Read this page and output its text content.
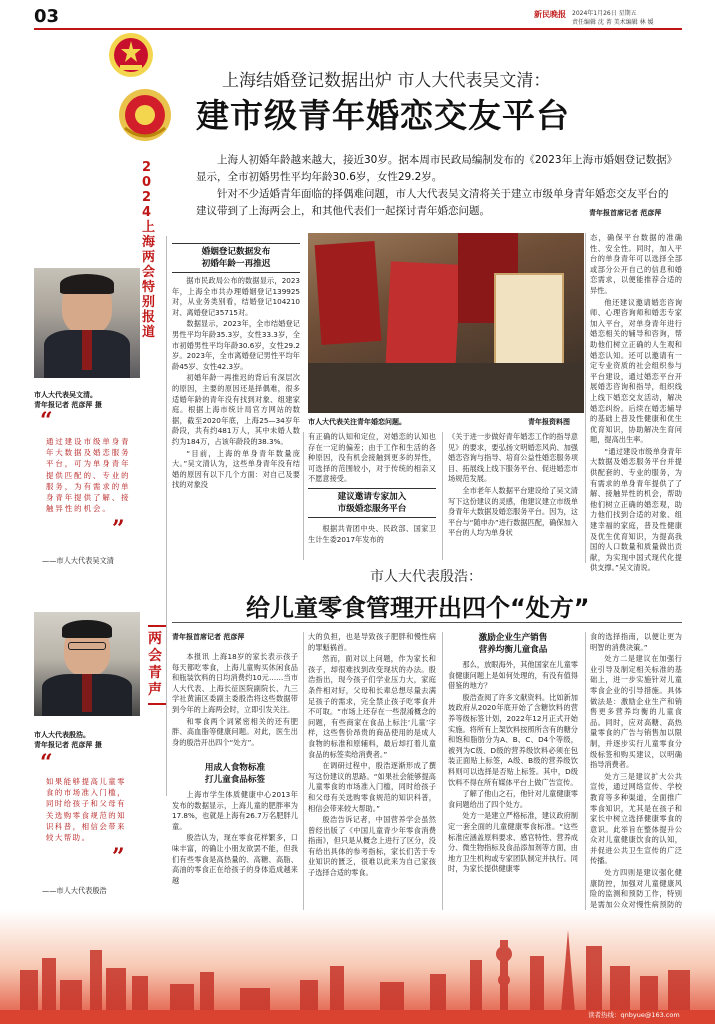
03	新民晚报 2024年1月26日 星期五
责任编辑 沈 菁 美术编辑 林 媛
2024上海两会特别报道
两会青声
上海结婚登记数据出炉 市人大代表吴文清：
建市级青年婚恋交友平台

上海人初婚年龄越来越大，接近30岁。据本周市民政局编制发布的《2023年上海市婚姻登记数据》显示，全市初婚男性平均年龄30.6岁，女性29.2岁。

针对不少适婚青年面临的择偶难问题，市人大代表吴文清将关于建立市级单身青年婚恋交友平台的建议带到了上海两会上，和其他代表们一起探讨青年婚恋问题。	青年报首席记者 范彦萍

市人大代表吴文清。
青年报记者 范彦萍 摄

“
通过建设市级单身青年大数据及婚恋服务平台，可为单身青年提供匹配的、专业的服务，为有需求的单身青年提供了解、接触异性的机会。
”
——市人大代表吴文清
婚姻登记数据发布
初婚年龄一再推迟

据市民政局公布的数据显示，2023年，上海全市共办理婚姻登记139925对，从业务类别看，结婚登记104210对、离婚登记35715对。

数据显示，2023年，全市结婚登记男性平均年龄35.3岁，女性33.3岁，全市初婚男性平均年龄30.6岁，女性29.2岁。2023年，全市离婚登记男性平均年龄45岁、女性42.3岁。

初婚年龄一再推迟的背后有深层次的原因，主要的原因还是择偶难，很多适婚年龄的青年没有找到对象、组建家庭。根据上海市统计局官方网站的数据，截至2020年底，上海25—34岁年龄段，共有约481万人，其中未婚人数约为184万，占该年龄段的38.3%。

“目前，上海的单身青年数量庞大。”吴文清认为，这些单身青年没有结婚的原因有以下几个方面：对自己及要找的对象没

市人大代表关注青年婚恋问题。	青年报资料图

有正确的认知和定位，对婚恋的认知也存在一定的偏差；由于工作和生活的各种原因，没有机会接触到更多的异性，可选择的范围较小，对于传统的相亲又不愿意接受。

建议邀请专家加入
市级婚恋服务平台

根据共青团中央、民政部、国家卫生计生委2017年发布的

《关于进一步做好青年婚恋工作的指导意见》的要求，要弘扬文明婚恋风尚、加强婚恋咨询与指导、培育公益性婚恋服务项目、拓展线上线下服务平台、促进婚恋市场规范发展。

全市老年人数据平台建设给了吴文清写下这份建议的灵感，他建议建立市级单身青年大数据及婚恋服务平台。因为，这平台与“随申办”进行数据匹配，确保加入平台的人均为单身状

态，确保平台数据的准确性、安全性。同时，加入平台的单身青年可以选择全部或部分公开自己的信息和婚恋需求，以便能推荐合适的异性。

他还建议邀请婚恋咨询师、心理咨询师和婚恋专家加入平台，对单身青年进行婚恋相关的辅导和咨询，帮助他们树立正确的人生观和婚恋认知。还可以邀请有一定专业资质的社会组织参与平台建设，通过婚恋平台开展婚恋咨询和指导，组织线上线下婚恋交友活动，解决婚恋纠纷。后续在婚恋辅导的基础上普及性健康和优生优育知识，协助解决生育问题，提高出生率。

“通过建设市级单身青年大数据及婚恋服务平台并提供配套的、专业的服务，为有需求的单身青年提供了了解、接触异性的机会，帮助他们树立正确的婚恋观，助力他们找到合适的对象、组建幸福的家庭，普及性健康及优生优育知识，为提高我国的人口数量和质量做出贡献，为实现中国式现代化提供支撑。”吴文清说。

市人大代表殷浩：
给儿童零食管理开出四个“处方”

市人大代表殷浩。
青年报记者 范彦萍 摄

“
如果能够提高儿童零食的市场准入门槛，同时给孩子和父母有关选购零食规范的知识科普，相信会带来较大帮助。
”
——市人大代表殷浩
青年报首席记者 范彦萍

本报讯 上海18岁的家长表示孩子每天都吃零食，上海儿童购买休闲食品和瓶装饮料的日均消费约10元……当市人大代表、上海长征医院副院长、九三学社黄浦区委副主委殷浩将这些数据带到今年的上海两会时，立即引发关注。

和零食两个词紧密相关的还有肥胖、高血脂等健康问题。对此，医生出身的殷浩开出四个“处方”。

用成人食物标准
打儿童食品标签

上海市学生体质健康中心2013年发布的数据显示，上海儿童的肥胖率为17.8%，也就是上海有26.7万名肥胖儿童。

殷浩认为，现在零食花样繁多，口味丰富，的确让小朋友欲罢不能，但我们有些零食是高热量的、高糖、高脂、高油的零食正在给孩子的身体造成越来越

大的负担，也是导致孩子肥胖和慢性病的罪魁祸首。

然而，面对以上问题，作为家长和孩子，却很难找到改变现状的办法。殷浩指出，现今孩子们学业压力大，家庭条件相对好，父母和长辈总想尽量去满足孩子的需求，完全禁止孩子吃零食并不可取。“市场上还存在一些混淆概念的问题，有些商家在食品上标注‘儿童’字样，这些售价昂贵的商品使用的是成人食物的标准和原辅料，最后却打着儿童食品的标签卖给消费者。”

在调研过程中，殷浩逐渐形成了撰写这份建议的思路。“如果社会能够提高儿童零食的市场准入门槛，同时给孩子和父母有关选购零食规范的知识科普，相信会带来较大帮助。”

殷浩告诉记者，中国营养学会虽然曾经出版了《中国儿童青少年零食消费指南》，但只是从概念上进行了区分，没有给出具体的参考指标，家长们苦于专业知识的匮乏，很难以此来为自己家孩子选择合适的零食。

激励企业生产销售
营养均衡儿童食品

那么，放眼海外，其他国家在儿童零食健康问题上是如何处理的，有没有值得借鉴的地方？

殷浩查阅了许多文献资料。比如新加坡政府从2020年底开始了含糖饮料的营养等级标签计划，2022年12月正式开始实施。将所有上架饮料按照所含有的糖分和饱和脂肪分为A、B、C、D4个等级，被列为C级、D级的营养级饮料必须在包装正面贴上标签，A级、B级的营养级饮料则可以选择是否贴上标签。其中，D级饮料不得在所有媒体平台上做广告宣传。

了解了他山之石，他针对儿童健康零食问题给出了四个处方。

处方一是建立严格标准，建议政府制定一套全面的儿童健康零食标准。“这些标准应涵盖原料要求、感官特性、营养成分、微生物指标及食品添加剂等方面，由地方卫生机构或专家团队制定并执行。同时，为家长提供健康零

食的选择指南，以便让更为明智的消费决策。”

处方二是建议在加强行业引导及制定相关标准的基础上，进一步实施针对儿童零食企业的引导措施。具体做法是：激励企业生产和销售更多营养均衡的儿童食品。同时，应对高糖、高热量零食的广告与销售加以限制，并逐步实行儿童零食分级标签和购买建议，以明确指导消费者。

处方三是建议扩大公共宣传，通过网络宣传、学校教育等多种渠道，全面推广零食知识，尤其是在孩子和家长中树立选择健康零食的意识。此举旨在整体提升公众对儿童健康饮食的认知，并促进公共卫生宣传的广泛传播。

处方四则是建议强化健康防控，加强对儿童健康风险的监测和预防工作，特别是需加公众对慢性病预防的

读者热线：qnbyue@163.com
